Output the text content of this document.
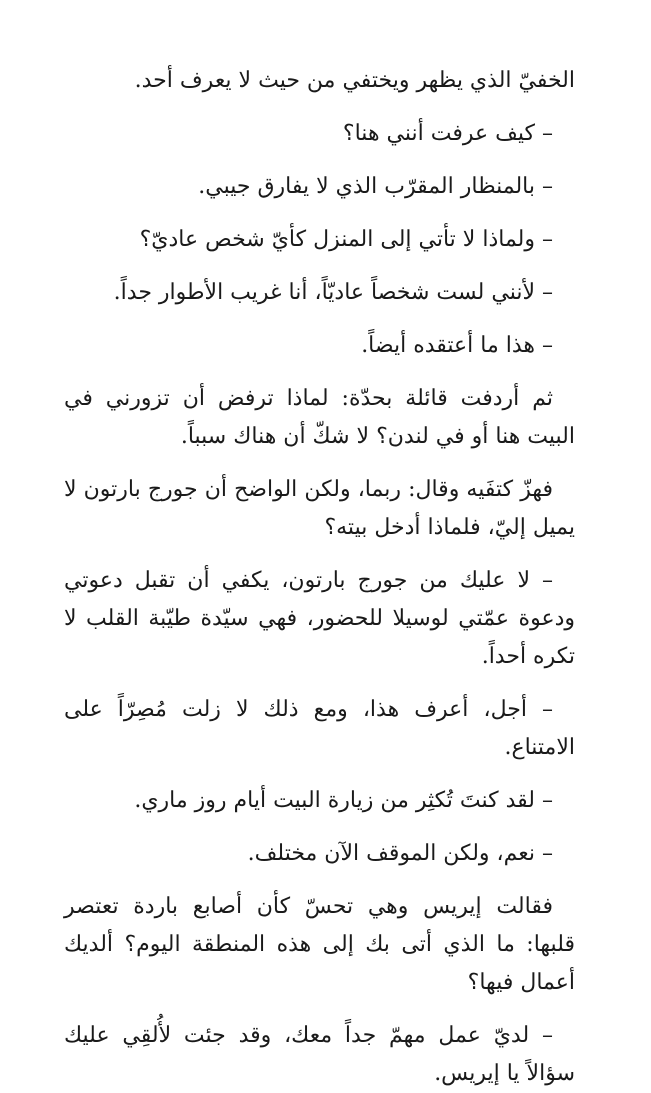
الخفيّ الذي يظهر ويختفي من حيث لا يعرف أحد.

– كيف عرفت أنني هنا؟

– بالمنظار المقرّب الذي لا يفارق جيبي.

– ولماذا لا تأتي إلى المنزل كأيّ شخص عاديّ؟

– لأنني لست شخصاً عاديّاً، أنا غريب الأطوار جداً.

– هذا ما أعتقده أيضاً.

ثم أردفت قائلة بحدّة: لماذا ترفض أن تزورني في البيت هنا أو في لندن؟ لا شكّ أن هناك سبباً.

فهزّ كتفَيه وقال: ربما، ولكن الواضح أن جورج بارتون لا يميل إليّ، فلماذا أدخل بيته؟

– لا عليك من جورج بارتون، يكفي أن تقبل دعوتي ودعوة عمّتي لوسيلا للحضور، فهي سيّدة طيّبة القلب لا تكره أحداً.

– أجل، أعرف هذا، ومع ذلك لا زلت مُصِرّاً على الامتناع.

– لقد كنتَ تُكثِر من زيارة البيت أيام روز ماري.

– نعم، ولكن الموقف الآن مختلف.

فقالت إيريس وهي تحسّ كأن أصابع باردة تعتصر قلبها: ما الذي أتى بك إلى هذه المنطقة اليوم؟ ألديك أعمال فيها؟

– لديّ عمل مهمّ جداً معك، وقد جئت لأُلقِي عليك سؤالاً يا إيريس.
